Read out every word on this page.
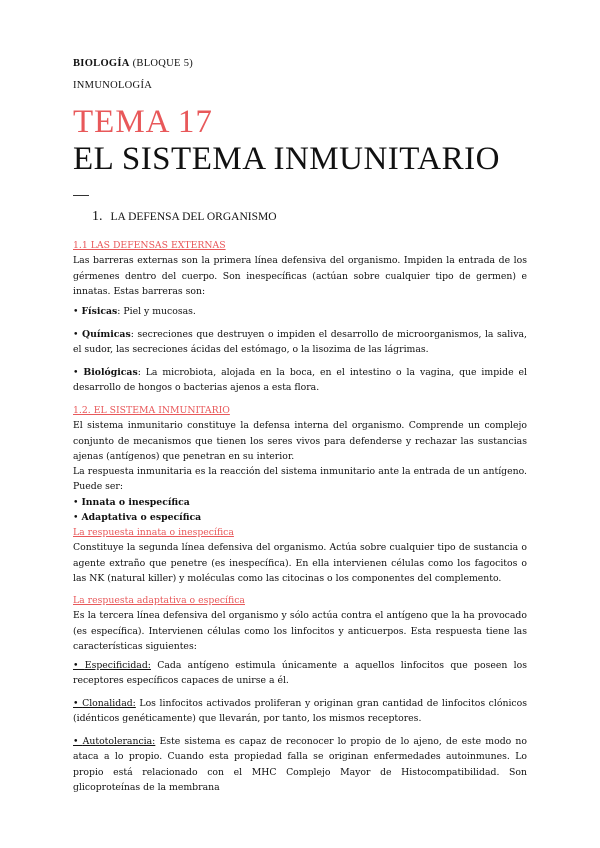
BIOLOGÍA (BLOQUE 5)
INMUNOLOGÍA
TEMA 17
EL SISTEMA INMUNITARIO
1. LA DEFENSA DEL ORGANISMO
1.1 LAS DEFENSAS EXTERNAS
Las barreras externas son la primera línea defensiva del organismo. Impiden la entrada de los gérmenes dentro del cuerpo. Son inespecíficas (actúan sobre cualquier tipo de germen) e innatas. Estas barreras son:
• Físicas: Piel y mucosas.
• Químicas: secreciones que destruyen o impiden el desarrollo de microorganismos, la saliva, el sudor, las secreciones ácidas del estómago, o la lisozima de las lágrimas.
• Biológicas: La microbiota, alojada en la boca, en el intestino o la vagina, que impide el desarrollo de hongos o bacterias ajenos a esta flora.
1.2. EL SISTEMA INMUNITARIO
El sistema inmunitario constituye la defensa interna del organismo. Comprende un complejo conjunto de mecanismos que tienen los seres vivos para defenderse y rechazar las sustancias ajenas (antígenos) que penetran en su interior.
La respuesta inmunitaria es la reacción del sistema inmunitario ante la entrada de un antígeno. Puede ser:
• Innata o inespecífica
• Adaptativa o específica
La respuesta innata o inespecífica
Constituye la segunda línea defensiva del organismo. Actúa sobre cualquier tipo de sustancia o agente extraño que penetre (es inespecífica). En ella intervienen células como los fagocitos o las NK (natural killer) y moléculas como las citocinas o los componentes del complemento.
La respuesta adaptativa o específica
Es la tercera línea defensiva del organismo y sólo actúa contra el antígeno que la ha provocado (es específica). Intervienen células como los linfocitos y anticuerpos. Esta respuesta tiene las características siguientes:
• Especificidad: Cada antígeno estimula únicamente a aquellos linfocitos que poseen los receptores específicos capaces de unirse a él.
• Clonalidad: Los linfocitos activados proliferan y originan gran cantidad de linfocitos clónicos (idénticos genéticamente) que llevarán, por tanto, los mismos receptores.
• Autotolerancia: Este sistema es capaz de reconocer lo propio de lo ajeno, de este modo no ataca a lo propio. Cuando esta propiedad falla se originan enfermedades autoinmunes. Lo propio está relacionado con el MHC Complejo Mayor de Histocompatibilidad. Son glicoproteínas de la membrana
